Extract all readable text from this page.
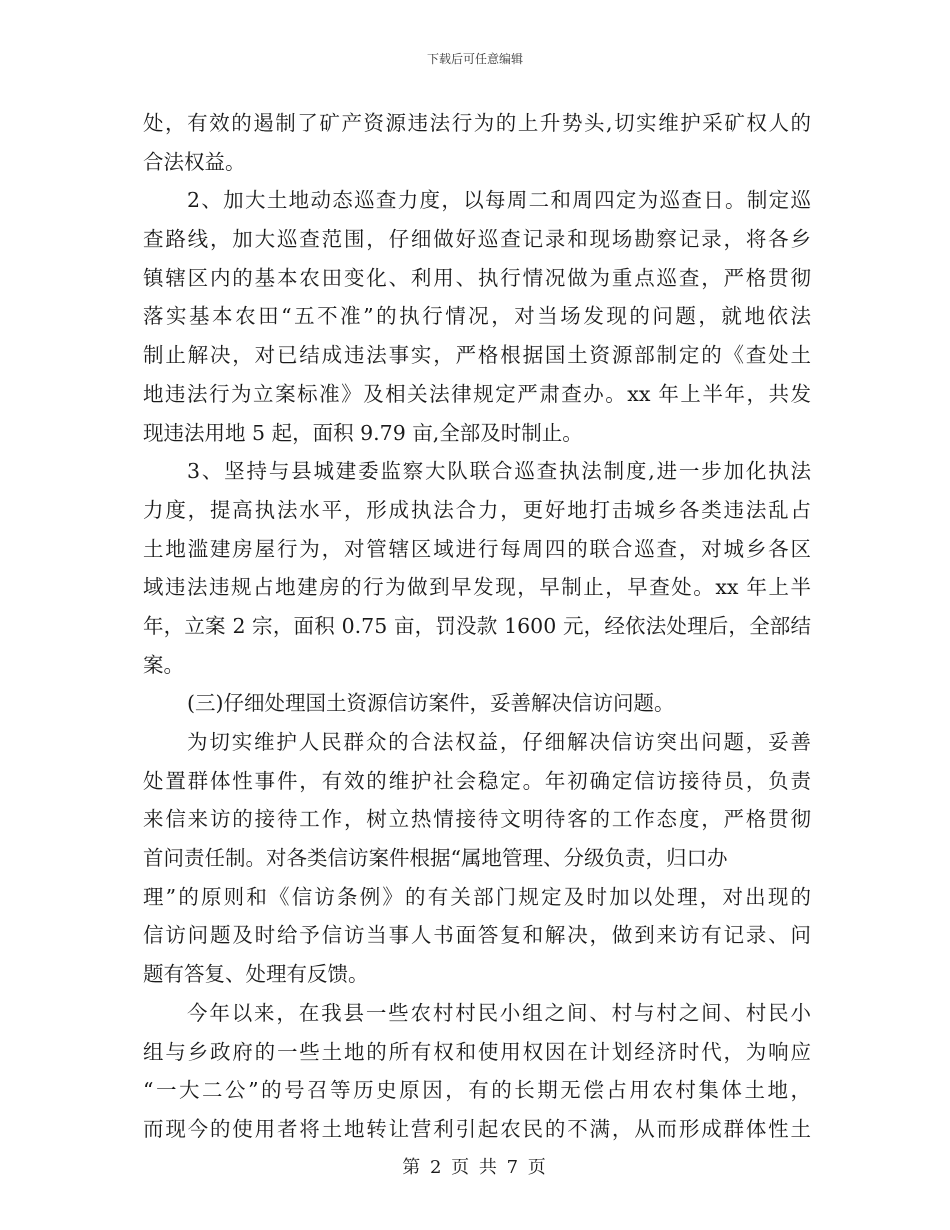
下载后可任意编辑
处，有效的遏制了矿产资源违法行为的上升势头,切实维护采矿权人的
合法权益。
2、加大土地动态巡查力度，以每周二和周四定为巡查日。制定巡
查路线，加大巡查范围，仔细做好巡查记录和现场勘察记录，将各乡
镇辖区内的基本农田变化、利用、执行情况做为重点巡查，严格贯彻
落实基本农田“五不准”的执行情况，对当场发现的问题，就地依法
制止解决，对已结成违法事实，严格根据国土资源部制定的《查处土
地违法行为立案标准》及相关法律规定严肃查办。xx 年上半年，共发
现违法用地 5 起，面积 9.79 亩,全部及时制止。
3、坚持与县城建委监察大队联合巡查执法制度,进一步加化执法
力度，提高执法水平，形成执法合力，更好地打击城乡各类违法乱占
土地滥建房屋行为，对管辖区域进行每周四的联合巡查，对城乡各区
域违法违规占地建房的行为做到早发现，早制止，早查处。xx 年上半
年，立案 2 宗，面积 0.75 亩，罚没款 1600 元，经依法处理后，全部结
案。
(三)仔细处理国土资源信访案件，妥善解决信访问题。
为切实维护人民群众的合法权益，仔细解决信访突出问题，妥善
处置群体性事件，有效的维护社会稳定。年初确定信访接待员，负责
来信来访的接待工作，树立热情接待文明待客的工作态度，严格贯彻
首问责任制。对各类信访案件根据“属地管理、分级负责，归口办
理”的原则和《信访条例》的有关部门规定及时加以处理，对出现的
信访问题及时给予信访当事人书面答复和解决，做到来访有记录、问
题有答复、处理有反馈。
今年以来，在我县一些农村村民小组之间、村与村之间、村民小
组与乡政府的一些土地的所有权和使用权因在计划经济时代，为响应
“一大二公”的号召等历史原因，有的长期无偿占用农村集体土地，
而现今的使用者将土地转让营利引起农民的不满，从而形成群体性土
第 2 页 共 7 页
